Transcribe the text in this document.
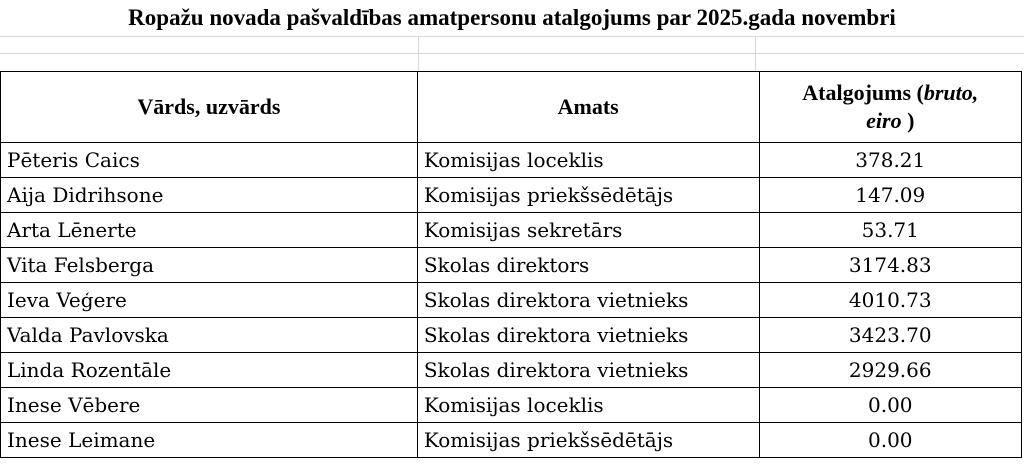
Ropažu novada pašvaldības amatpersonu atalgojums par 2025.gada novembri
Vārds, uzvārds	Amats	Atalgojums (bruto,
eiro )
Pēteris Caics	Komisijas loceklis	378.21
Aija Didrihsone	Komisijas priekšsēdētājs	147.09
Arta Lēnerte	Komisijas sekretārs	53.71
Vita Felsberga	Skolas direktors	3174.83
Ieva Veģere	Skolas direktora vietnieks	4010.73
Valda Pavlovska	Skolas direktora vietnieks	3423.70
Linda Rozentāle	Skolas direktora vietnieks	2929.66
Inese Vēbere	Komisijas loceklis	0.00
Inese Leimane	Komisijas priekšsēdētājs	0.00
